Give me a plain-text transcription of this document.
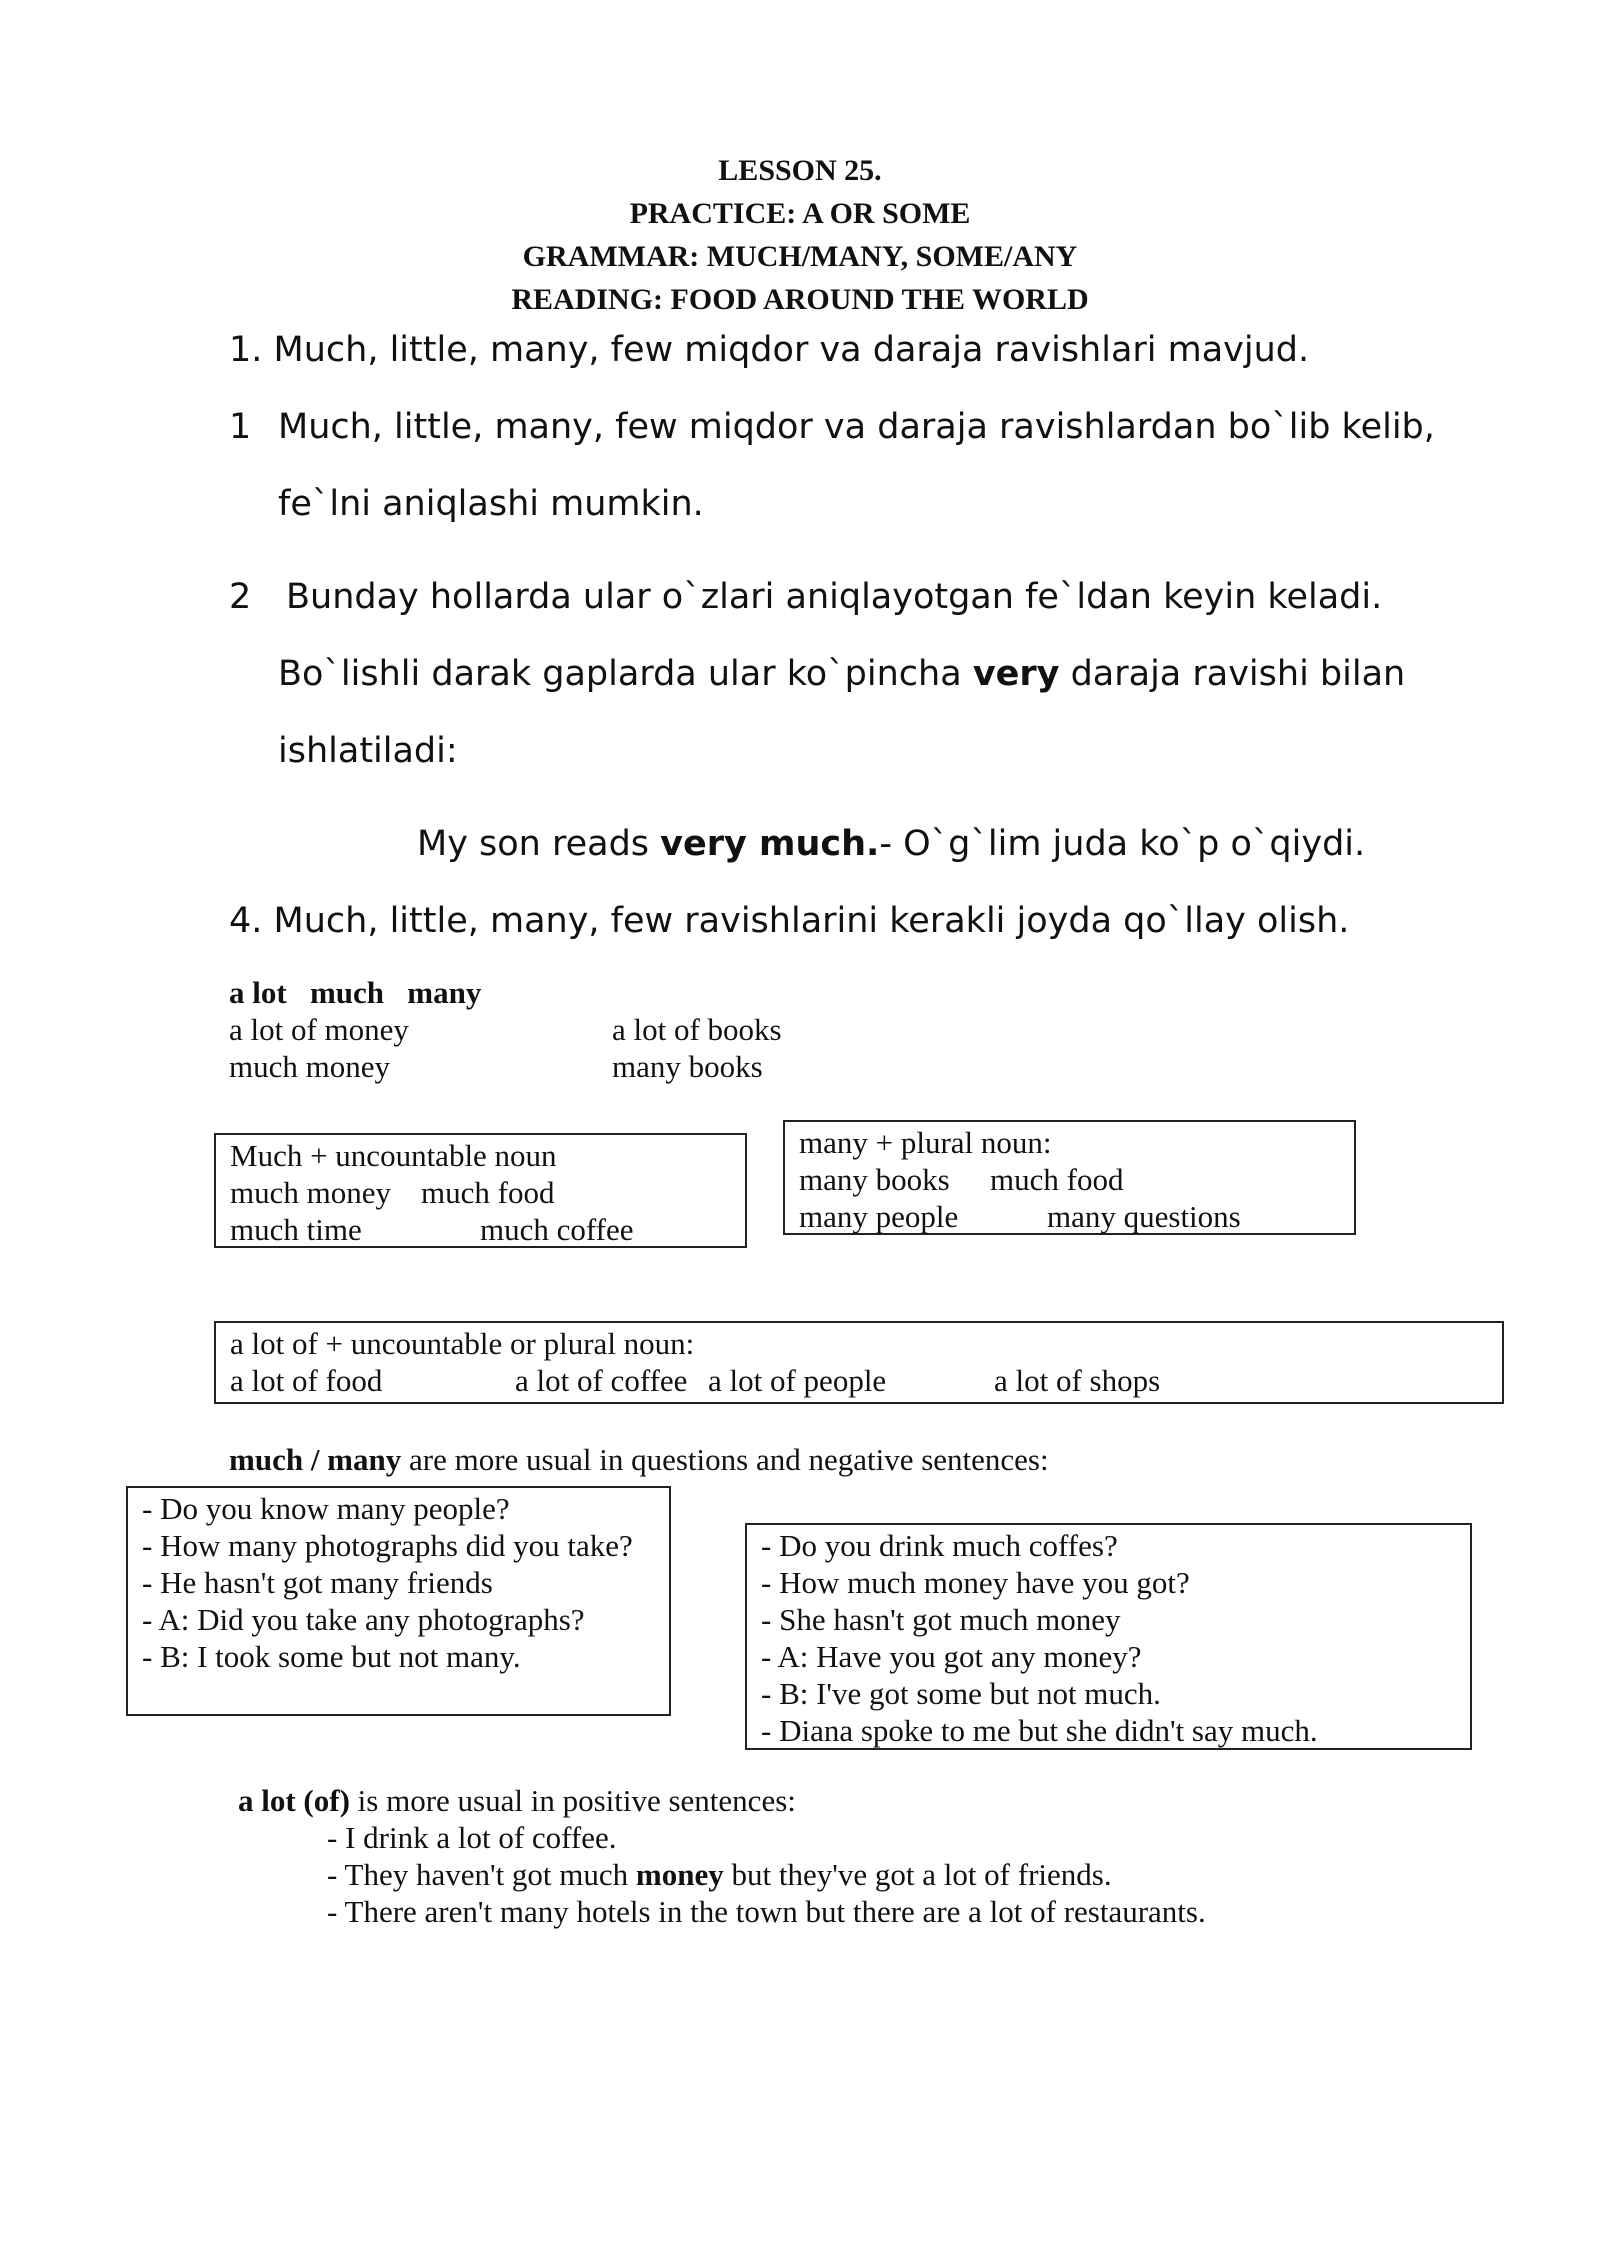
LESSON 25.
PRACTICE: A OR SOME
GRAMMAR: MUCH/MANY, SOME/ANY
READING: FOOD AROUND THE WORLD
1. Much, little, many, few miqdor va daraja ravishlari mavjud.
1 Much, little, many, few miqdor va daraja ravishlardan bo`lib kelib,
fe`lni aniqlashi mumkin.
2 Bunday hollarda ular o`zlari aniqlayotgan fe`ldan keyin keladi.
Bo`lishli darak gaplarda ular ko`pincha very daraja ravishi bilan
ishlatiladi:
My son reads very much.- O`g`lim juda ko`p o`qiydi.
4. Much, little, many, few ravishlarini kerakli joyda qo`llay olish.
a lot much many
a lot of money	a lot of books
much money	many books
Much + uncountable noun
much money much food
much time	much coffee
many + plural noun:
many books much food
many people	many questions
a lot of + uncountable or plural noun:
a lot of food	a lot of coffee a lot of people	a lot of shops
much / many are more usual in questions and negative sentences:
- Do you know many people?
- How many photographs did you take?
- He hasn't got many friends
- A: Did you take any photographs?
- B: I took some but not many.
- Do you drink much coffes?
- How much money have you got?
- She hasn't got much money
- A: Have you got any money?
- B: I've got some but not much.
- Diana spoke to me but she didn't say much.
a lot (of) is more usual in positive sentences:
- I drink a lot of coffee.
- They haven't got much money but they've got a lot of friends.
- There aren't many hotels in the town but there are a lot of restaurants.
